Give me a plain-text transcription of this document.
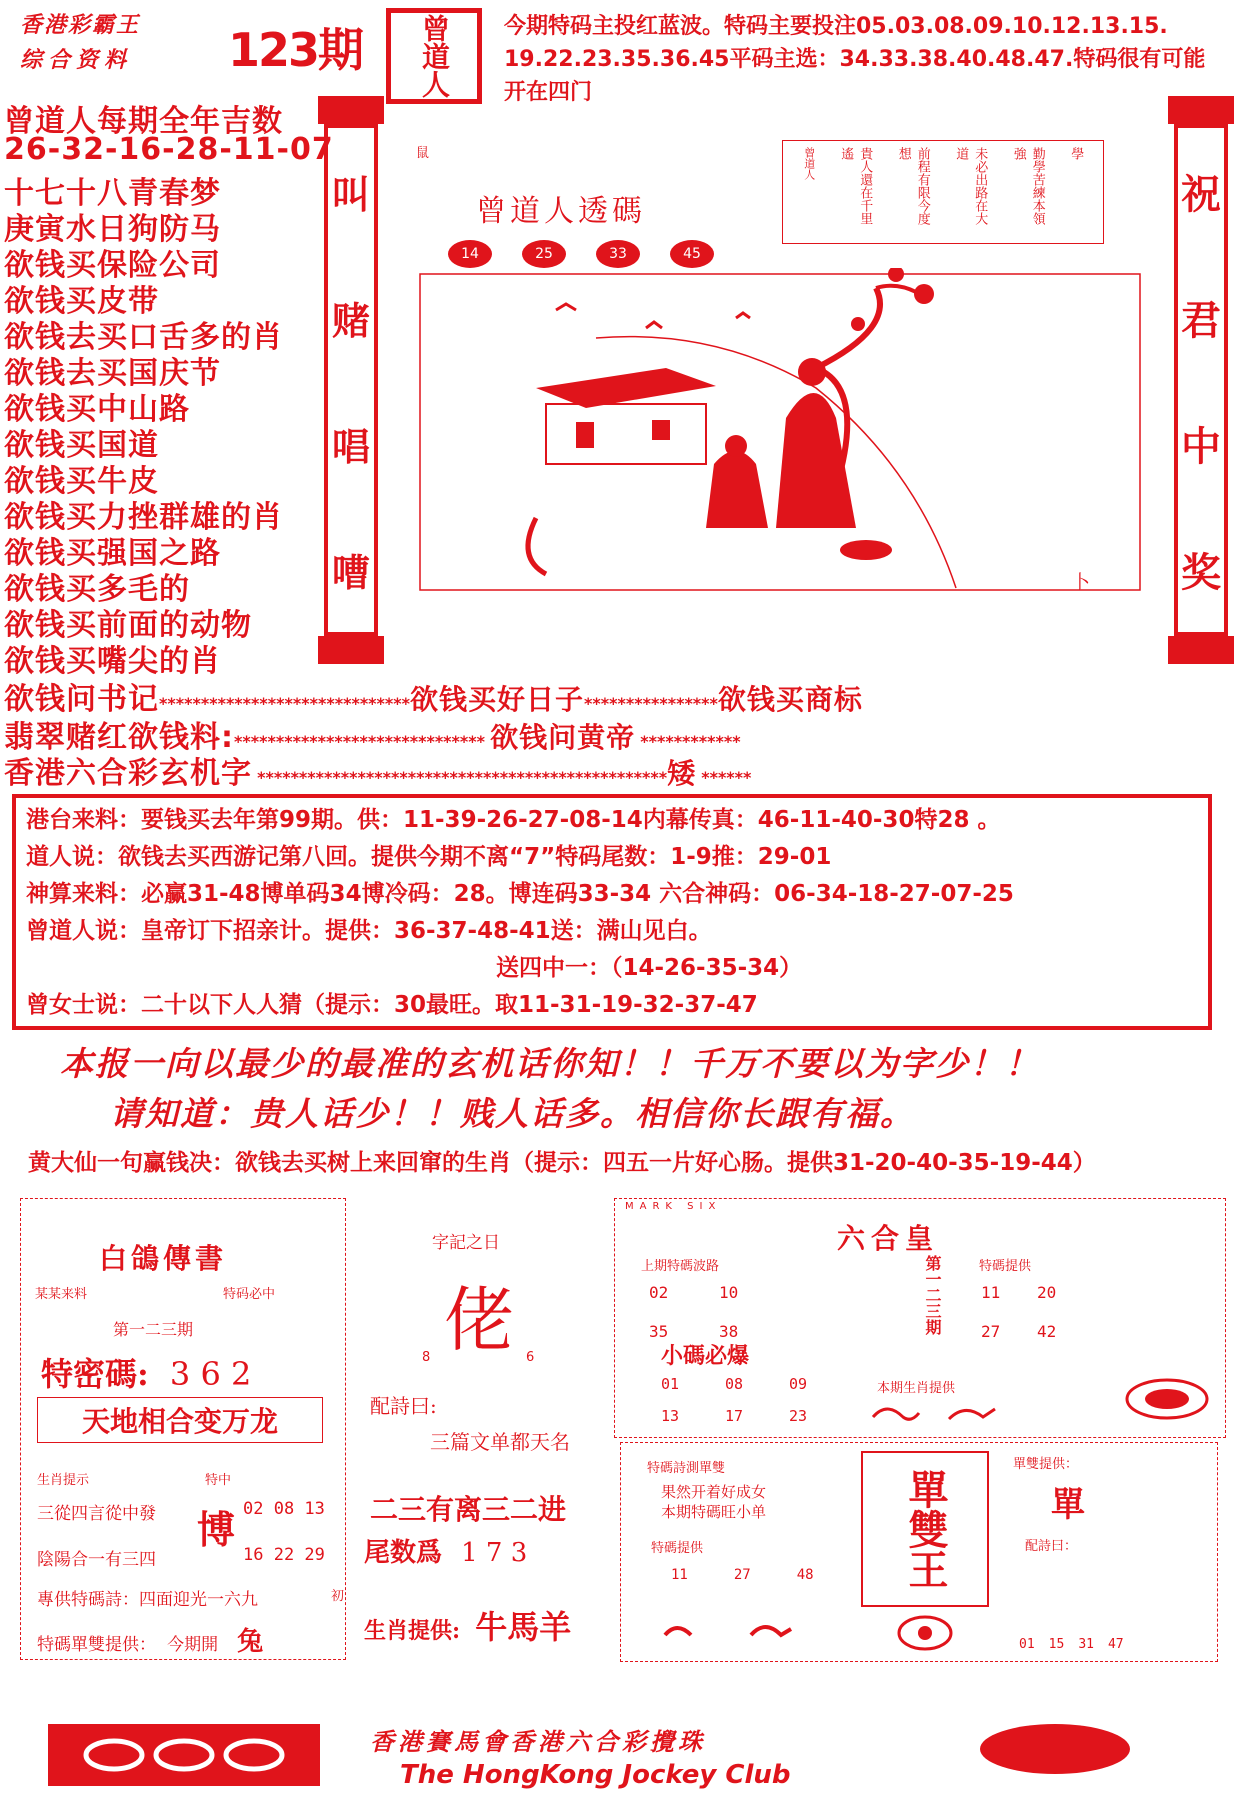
香港彩霸王
综合资料	123期 曾道人 今期特码主投红蓝波。特码主要投注05.03.08.09.10.12.13.15.
19.22.23.35.36.45平码主选：34.33.38.40.48.47.特码很有可能
开在四门
曾道人每期全年吉数
26-32-16-28-11-07
十七十八青春梦
庚寅水日狗防马
欲钱买保险公司
欲钱买皮带
欲钱去买口舌多的肖
欲钱去买国庆节
欲钱买中山路
欲钱买国道
欲钱买牛皮
欲钱买力挫群雄的肖
欲钱买强国之路
欲钱买多毛的
欲钱买前面的动物
欲钱买嘴尖的肖
叫
赌
唱
嘈
祝
君
中
奖
鼠
曾道人透碼
14	25	33	45
學
勤學苦練本領強
未必出路在大道
前程有限今度想
貴人還在千里遙
曾道人
卜
欲钱问书记******************************欲钱买好日子****************欲钱买商标
翡翠赌红欲钱料:****************************** 欲钱问黄帝 ************
香港六合彩玄机字 *************************************************矮 ******
港台来料：要钱买去年第99期。供：11-39-26-27-08-14内幕传真：46-11-40-30特28 。
道人说：欲钱去买西游记第八回。提供今期不离“7”特码尾数：1-9推：29-01
神算来料：必赢31-48博单码34博冷码：28。博连码33-34 六合神码：06-34-18-27-07-25
曾道人说：皇帝订下招亲计。提供：36-37-48-41送：满山见白。
送四中一：（14-26-35-34）
曾女士说：二十以下人人猜（提示：30最旺。取11-31-19-32-37-47
本报一向以最少的最准的玄机话你知！！千万不要以为字少！！
请知道：贵人话少！！贱人话多。相信你长跟有福。
黄大仙一句赢钱决：欲钱去买树上来回窜的生肖（提示：四五一片好心肠。提供31-20-40-35-19-44）
白鴿傳書
某某来料	特码必中
第一二三期
特密碼: 3 6 2
天地相合变万龙
生肖提示	特中
三從四言從中發
陰陽合一有三四
博 02 08 13
16 22 29
專供特碼詩：四面迎光一六九	初
特碼單雙提供： 今期開 兔
字記之日
佬
8	6
配詩曰:
三篇文单都天名
二三有离三二进
尾数爲 1 7 3
生肖提供: 牛馬羊
MARK SIX
六合皇
上期特碼波路
02	10
35	38	第一二三期	特碼提供
11	20
27	42
小碼必爆
01	08	09
13	17	23
本期生肖提供
特碼詩測單雙
果然开着好成女
本期特碼旺小单
特碼提供
11	27	48 單雙王
單雙提供：
單
配詩曰：
01 15 31 47
香港賽馬會香港六合彩攪珠
The HongKong Jockey Club
